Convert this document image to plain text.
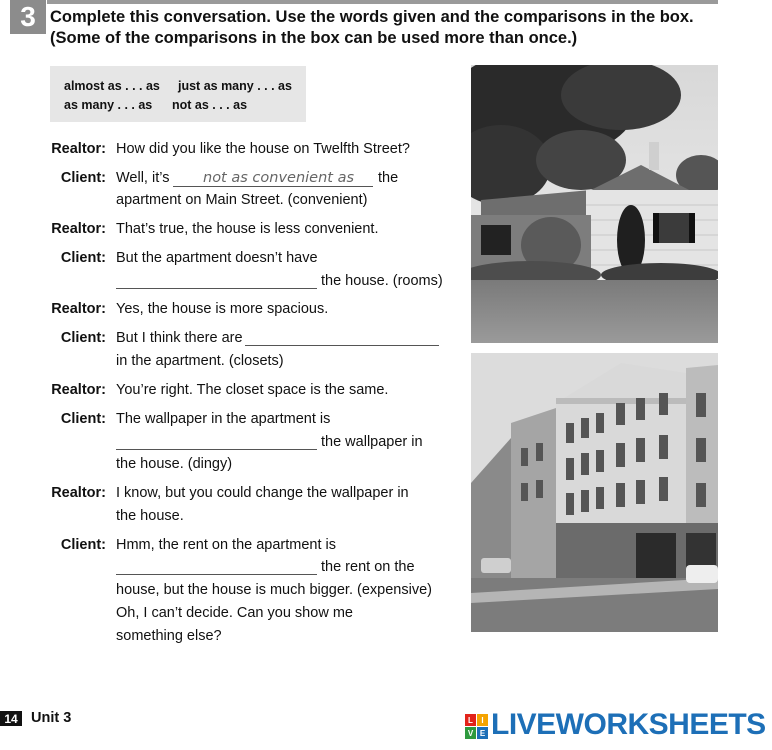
3 Complete this conversation. Use the words given and the comparisons in the box.
(Some of the comparisons in the box can be used more than once.)
almost as . . . as just as many . . . as
as many . . . as not as . . . as
Realtor: How did you like the house on Twelfth Street?
Client: Well, it’s not as convenient as the
apartment on Main Street. (convenient)
Realtor: That’s true, the house is less convenient.
Client: But the apartment doesn’t have
the house. (rooms)
Realtor: Yes, the house is more spacious.
Client: But I think there are
in the apartment. (closets)
Realtor: You’re right. The closet space is the same.
Client: The wallpaper in the apartment is
the wallpaper in
the house. (dingy)
Realtor: I know, but you could change the wallpaper in
the house.
Client: Hmm, the rent on the apartment is
the rent on the
house, but the house is much bigger. (expensive)
Oh, I can’t decide. Can you show me
something else?
14 Unit 3	L	I
V E LIVEWORKSHEETS
